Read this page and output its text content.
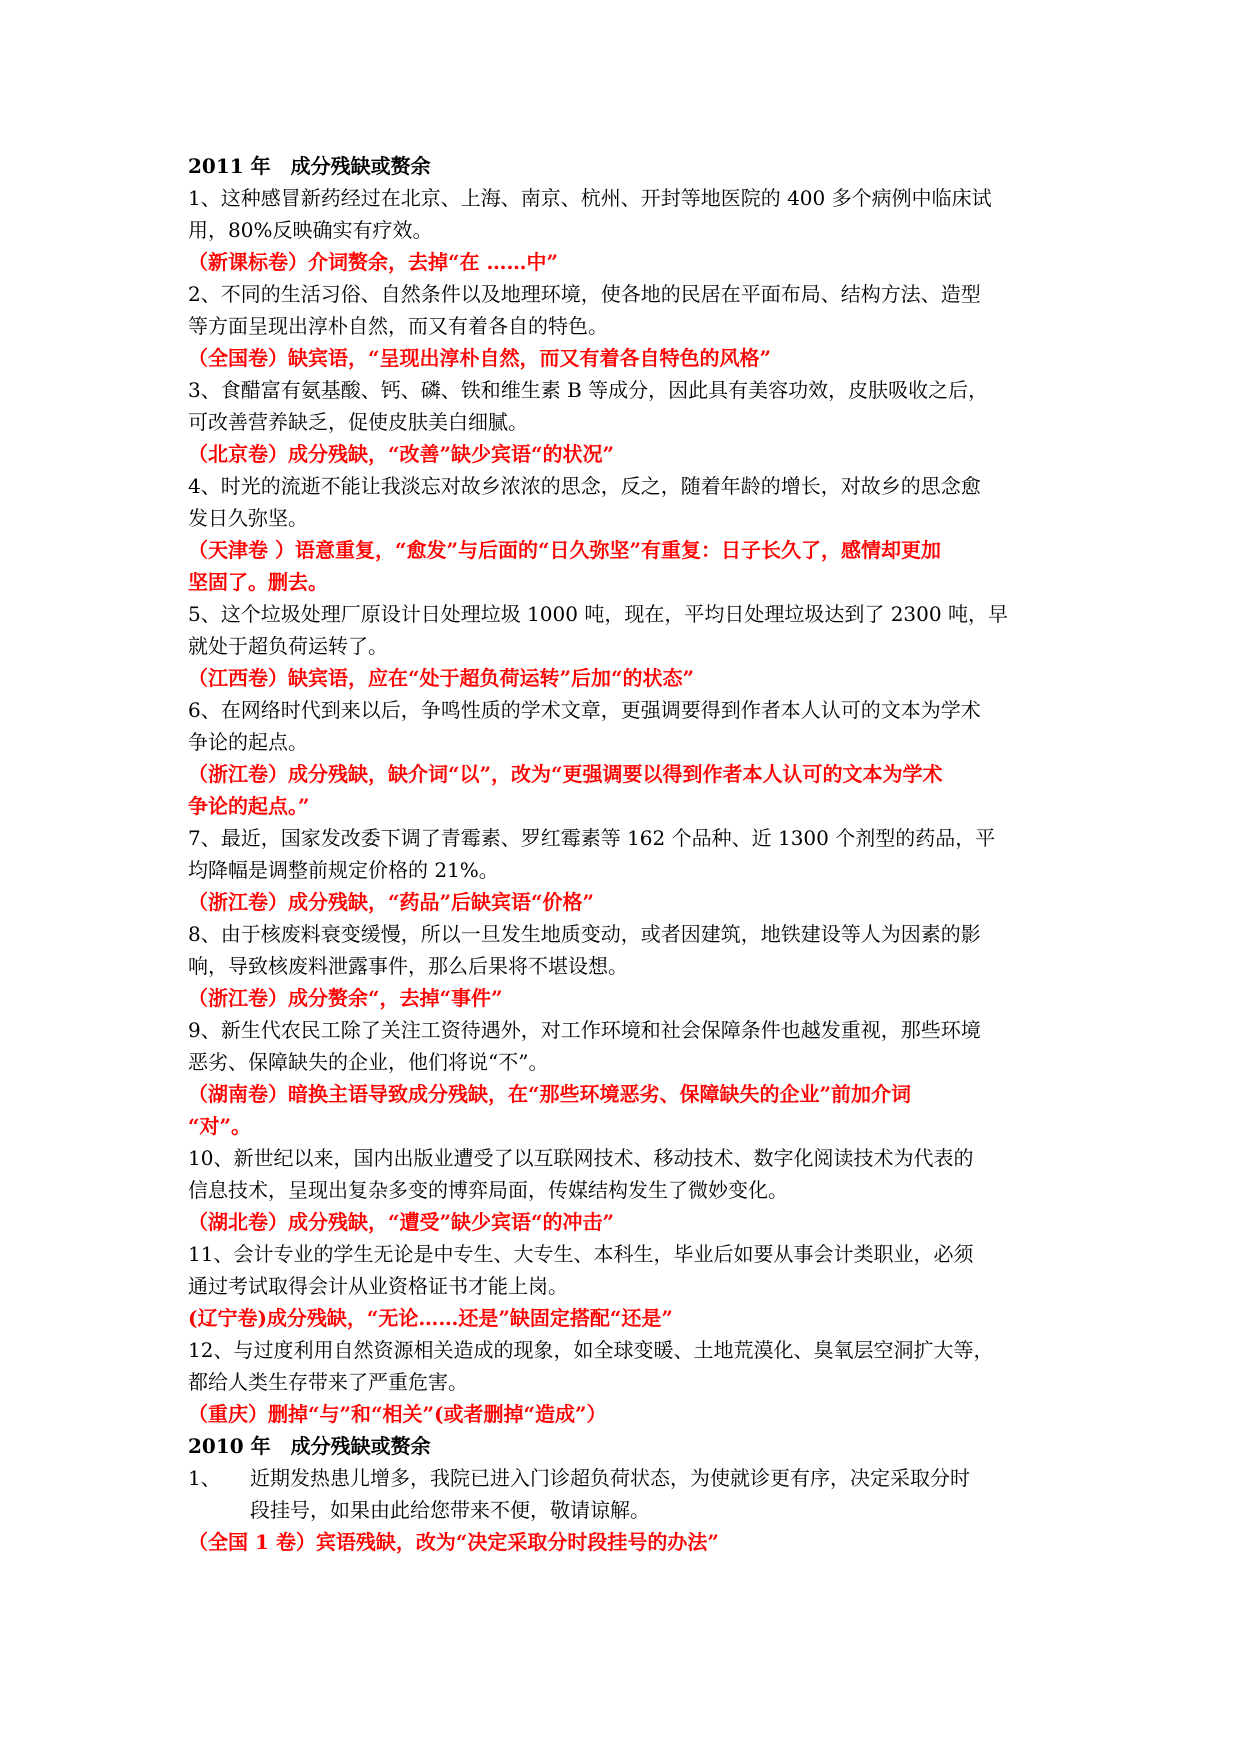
2011 年　成分残缺或赘余
1、这种感冒新药经过在北京、上海、南京、杭州、开封等地医院的 400 多个病例中临床试
用，80%反映确实有疗效。
（新课标卷）介词赘余，去掉“在 ……中”
2、不同的生活习俗、自然条件以及地理环境，使各地的民居在平面布局、结构方法、造型
等方面呈现出淳朴自然，而又有着各自的特色。
（全国卷）缺宾语，“呈现出淳朴自然，而又有着各自特色的风格”
3、食醋富有氨基酸、钙、磷、铁和维生素 B 等成分，因此具有美容功效，皮肤吸收之后，
可改善营养缺乏，促使皮肤美白细腻。
（北京卷）成分残缺，“改善”缺少宾语“的状况”
4、时光的流逝不能让我淡忘对故乡浓浓的思念，反之，随着年龄的增长，对故乡的思念愈
发日久弥坚。
（天津卷 ）语意重复，“愈发”与后面的“日久弥坚”有重复：日子长久了，感情却更加
坚固了。删去。
5、这个垃圾处理厂原设计日处理垃圾 1000 吨，现在，平均日处理垃圾达到了 2300 吨，早
就处于超负荷运转了。
（江西卷）缺宾语，应在“处于超负荷运转”后加“的状态”
6、在网络时代到来以后，争鸣性质的学术文章，更强调要得到作者本人认可的文本为学术
争论的起点。
（浙江卷）成分残缺，缺介词“以”，改为“更强调要以得到作者本人认可的文本为学术
争论的起点。”
7、最近，国家发改委下调了青霉素、罗红霉素等 162 个品种、近 1300 个剂型的药品，平
均降幅是调整前规定价格的 21%。
（浙江卷）成分残缺，“药品”后缺宾语“价格”
8、由于核废料衰变缓慢，所以一旦发生地质变动，或者因建筑，地铁建设等人为因素的影
响，导致核废料泄露事件，那么后果将不堪设想。
（浙江卷）成分赘余“，去掉“事件”
9、新生代农民工除了关注工资待遇外，对工作环境和社会保障条件也越发重视，那些环境
恶劣、保障缺失的企业，他们将说“不”。
（湖南卷）暗换主语导致成分残缺，在“那些环境恶劣、保障缺失的企业”前加介词
“对”。
10、新世纪以来，国内出版业遭受了以互联网技术、移动技术、数字化阅读技术为代表的
信息技术，呈现出复杂多变的博弈局面，传媒结构发生了微妙变化。
（湖北卷）成分残缺，“遭受”缺少宾语“的冲击”
11、会计专业的学生无论是中专生、大专生、本科生，毕业后如要从事会计类职业，必须
通过考试取得会计从业资格证书才能上岗。
(辽宁卷)成分残缺，“无论……还是”缺固定搭配“还是”
12、与过度利用自然资源相关造成的现象，如全球变暖、土地荒漠化、臭氧层空洞扩大等，
都给人类生存带来了严重危害。
（重庆）删掉“与”和“相关”(或者删掉“造成”）
2010 年　成分残缺或赘余
1、	近期发热患儿增多，我院已进入门诊超负荷状态，为使就诊更有序，决定采取分时
段挂号，如果由此给您带来不便，敬请谅解。
（全国 1 卷）宾语残缺，改为“决定采取分时段挂号的办法”
